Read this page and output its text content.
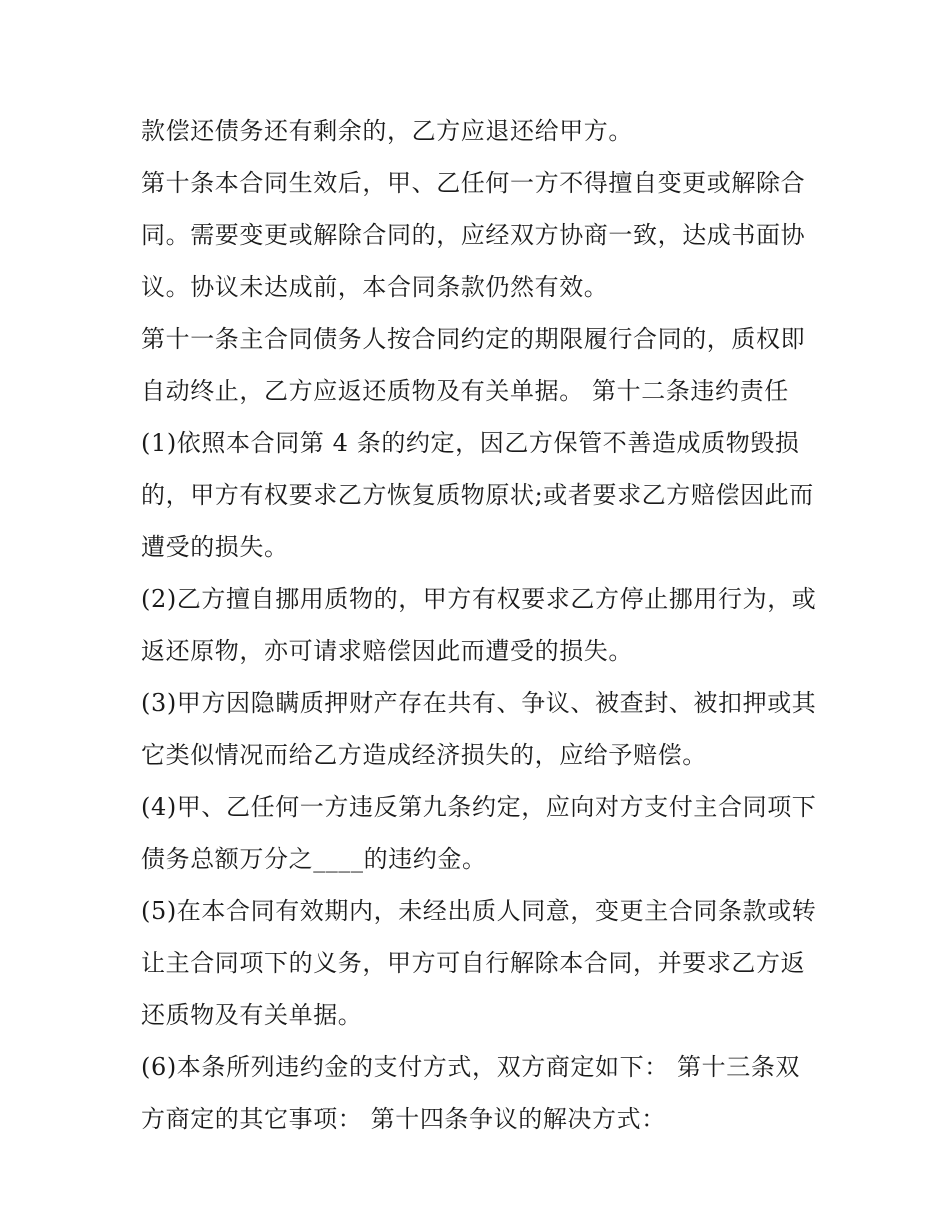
款偿还债务还有剩余的，乙方应退还给甲方。

第十条本合同生效后，甲、乙任何一方不得擅自变更或解除合同。需要变更或解除合同的，应经双方协商一致，达成书面协议。协议未达成前，本合同条款仍然有效。

第十一条主合同债务人按合同约定的期限履行合同的，质权即自动终止，乙方应返还质物及有关单据。 第十二条违约责任

(1)依照本合同第 4 条的约定，因乙方保管不善造成质物毁损的，甲方有权要求乙方恢复质物原状;或者要求乙方赔偿因此而遭受的损失。

(2)乙方擅自挪用质物的，甲方有权要求乙方停止挪用行为，或返还原物，亦可请求赔偿因此而遭受的损失。

(3)甲方因隐瞒质押财产存在共有、争议、被查封、被扣押或其它类似情况而给乙方造成经济损失的，应给予赔偿。

(4)甲、乙任何一方违反第九条约定，应向对方支付主合同项下债务总额万分之____的违约金。

(5)在本合同有效期内，未经出质人同意，变更主合同条款或转让主合同项下的义务，甲方可自行解除本合同，并要求乙方返还质物及有关单据。

(6)本条所列违约金的支付方式，双方商定如下： 第十三条双方商定的其它事项： 第十四条争议的解决方式：
